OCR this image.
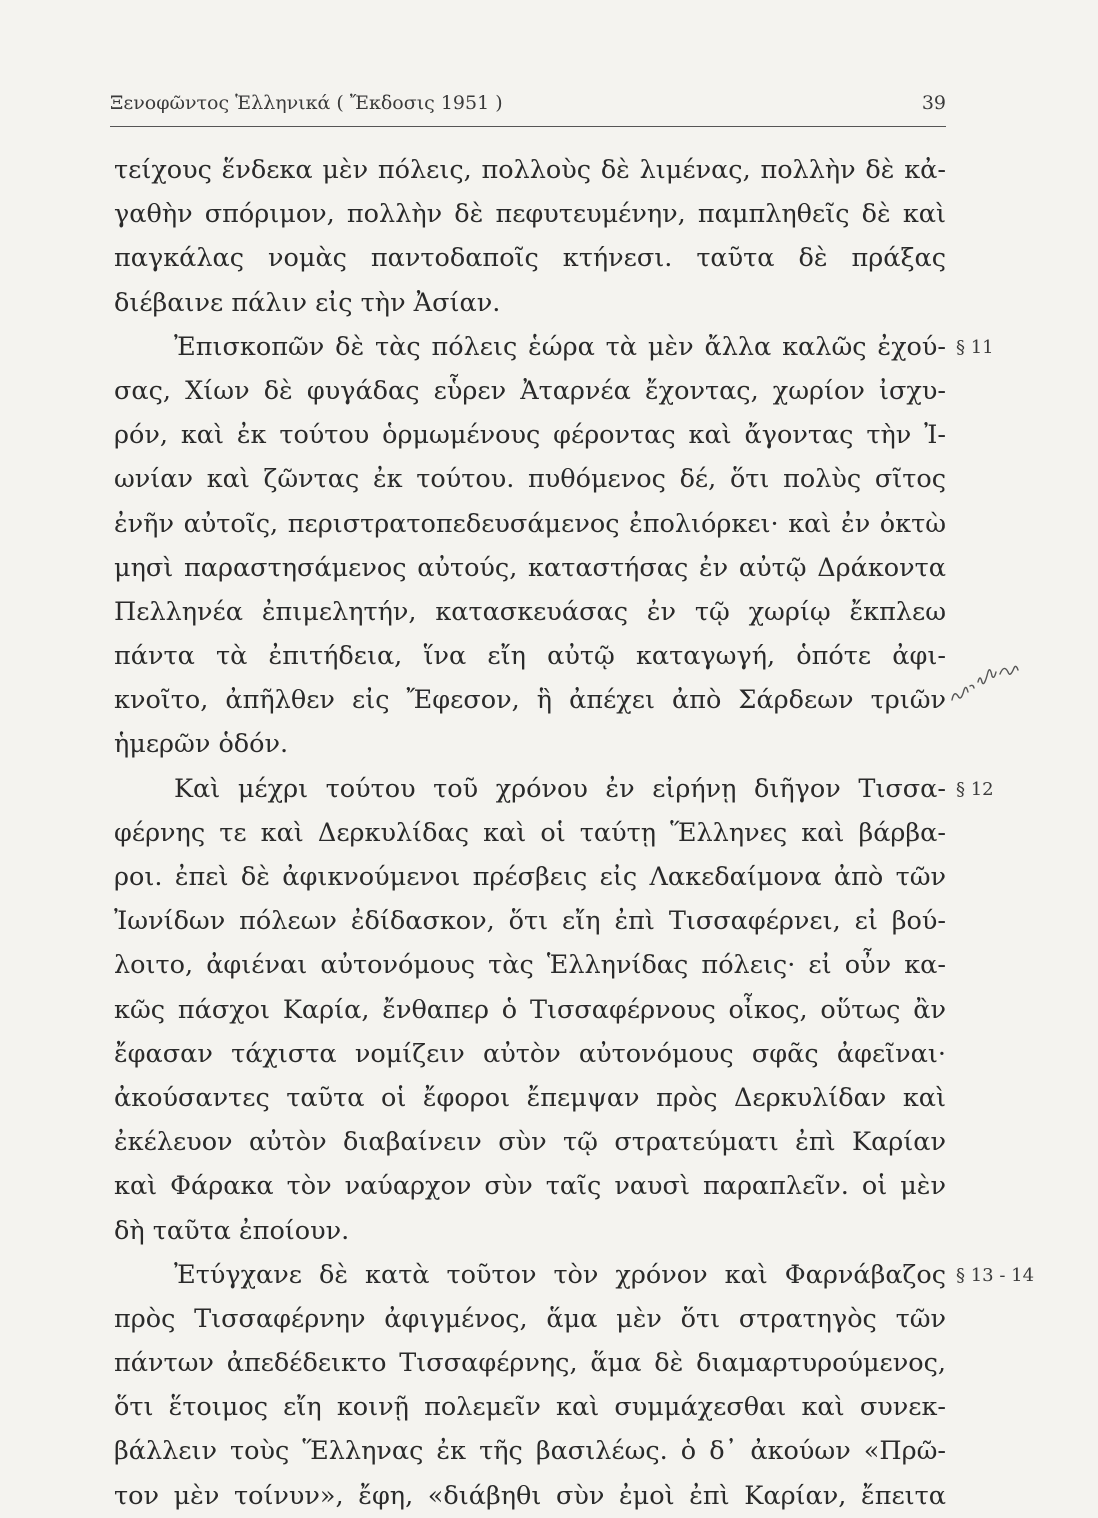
Ξενοφῶντος Ἑλληνικά ( Ἔκδοσις 1951 )	39
τείχους ἕνδεκα μὲν πόλεις, πολλοὺς δὲ λιμένας, πολλὴν δὲ κἀ-
γαθὴν σπόριμον, πολλὴν δὲ πεφυτευμένην, παμπληθεῖς δὲ καὶ
παγκάλας νομὰς παντοδαποῖς κτήνεσι. ταῦτα δὲ πράξας
διέβαινε πάλιν εἰς τὴν Ἀσίαν.
Ἐπισκοπῶν δὲ τὰς πόλεις ἑώρα τὰ μὲν ἄλλα καλῶς ἐχού-
σας, Χίων δὲ φυγάδας εὗρεν Ἀταρνέα ἔχοντας, χωρίον ἰσχυ-
ρόν, καὶ ἐκ τούτου ὁρμωμένους φέροντας καὶ ἄγοντας τὴν Ἰ-
ωνίαν καὶ ζῶντας ἐκ τούτου. πυθόμενος δέ, ὅτι πολὺς σῖτος
ἐνῆν αὐτοῖς, περιστρατοπεδευσάμενος ἐπολιόρκει· καὶ ἐν ὀκτὼ
μησὶ παραστησάμενος αὐτούς, καταστήσας ἐν αὐτῷ Δράκοντα
Πελληνέα ἐπιμελητήν, κατασκευάσας ἐν τῷ χωρίῳ ἔκπλεω
πάντα τὰ ἐπιτήδεια, ἵνα εἴη αὐτῷ καταγωγή, ὁπότε ἀφι-
κνοῖτο, ἀπῆλθεν εἰς Ἔφεσον, ἣ ἀπέχει ἀπὸ Σάρδεων τριῶν
ἡμερῶν ὁδόν.
Καὶ μέχρι τούτου τοῦ χρόνου ἐν εἰρήνῃ διῆγον Τισσα-
φέρνης τε καὶ Δερκυλίδας καὶ οἱ ταύτῃ Ἕλληνες καὶ βάρβα-
ροι. ἐπεὶ δὲ ἀφικνούμενοι πρέσβεις εἰς Λακεδαίμονα ἀπὸ τῶν
Ἰωνίδων πόλεων ἐδίδασκον, ὅτι εἴη ἐπὶ Τισσαφέρνει, εἰ βού-
λοιτο, ἀφιέναι αὐτονόμους τὰς Ἑλληνίδας πόλεις· εἰ οὖν κα-
κῶς πάσχοι Καρία, ἔνθαπερ ὁ Τισσαφέρνους οἶκος, οὕτως ἂν
ἔφασαν τάχιστα νομίζειν αὐτὸν αὐτονόμους σφᾶς ἀφεῖναι·
ἀκούσαντες ταῦτα οἱ ἔφοροι ἔπεμψαν πρὸς Δερκυλίδαν καὶ
ἐκέλευον αὐτὸν διαβαίνειν σὺν τῷ στρατεύματι ἐπὶ Καρίαν
καὶ Φάρακα τὸν ναύαρχον σὺν ταῖς ναυσὶ παραπλεῖν. οἱ μὲν
δὴ ταῦτα ἐποίουν.
Ἐτύγχανε δὲ κατὰ τοῦτον τὸν χρόνον καὶ Φαρνάβαζος
πρὸς Τισσαφέρνην ἀφιγμένος, ἅμα μὲν ὅτι στρατηγὸς τῶν
πάντων ἀπεδέδεικτο Τισσαφέρνης, ἅμα δὲ διαμαρτυρούμενος,
ὅτι ἕτοιμος εἴη κοινῇ πολεμεῖν καὶ συμμάχεσθαι καὶ συνεκ-
βάλλειν τοὺς Ἕλληνας ἐκ τῆς βασιλέως. ὁ δ᾿ ἀκούων «Πρῶ-
τον μὲν τοίνυν», ἔφη, «διάβηθι σὺν ἐμοὶ ἐπὶ Καρίαν, ἔπειτα
§ 11
§ 12
§ 13 - 14
